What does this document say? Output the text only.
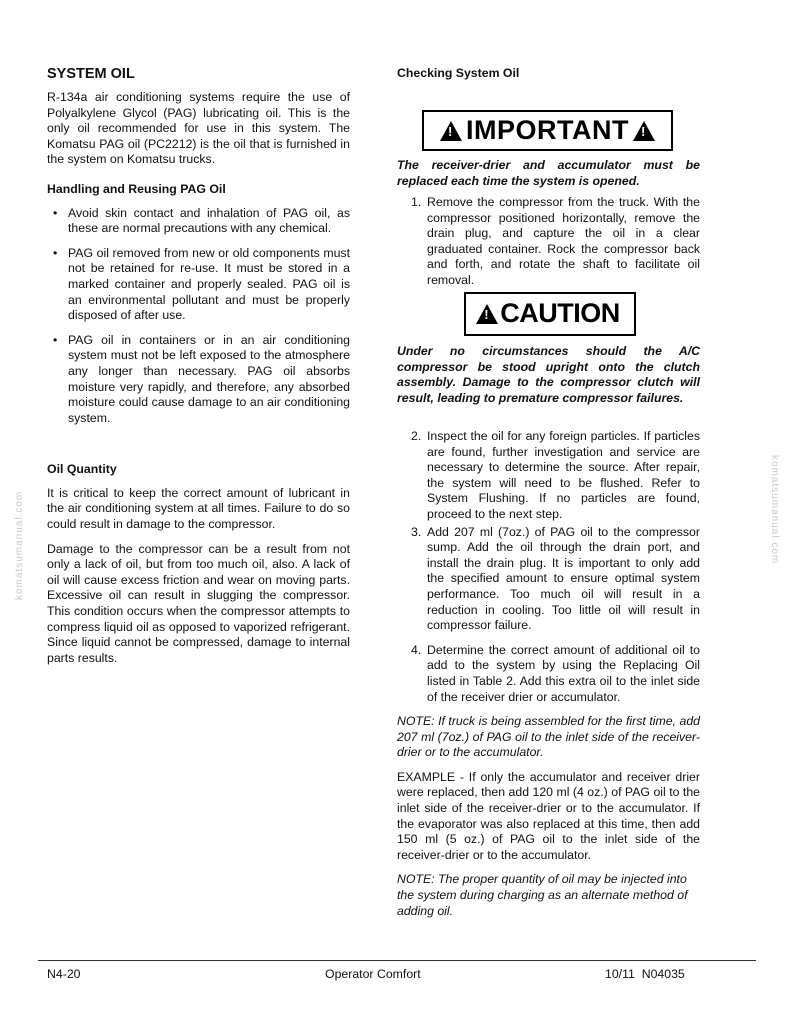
SYSTEM OIL

R-134a air conditioning systems require the use of Polyalkylene Glycol (PAG) lubricating oil. This is the only oil recommended for use in this system. The Komatsu PAG oil (PC2212) is the oil that is furnished in the system on Komatsu trucks.

Handling and Reusing PAG Oil
• Avoid skin contact and inhalation of PAG oil, as these are normal precautions with any chemical.
• PAG oil removed from new or old components must not be retained for re-use. It must be stored in a marked container and properly sealed. PAG oil is an environmental pollutant and must be properly disposed of after use.
• PAG oil in containers or in an air conditioning system must not be left exposed to the atmosphere any longer than necessary. PAG oil absorbs moisture very rapidly, and therefore, any absorbed moisture could cause damage to an air conditioning system.
Oil Quantity

It is critical to keep the correct amount of lubricant in the air conditioning system at all times. Failure to do so could result in damage to the compressor.

Damage to the compressor can be a result from not only a lack of oil, but from too much oil, also. A lack of oil will cause excess friction and wear on moving parts. Excessive oil can result in slugging the compressor. This condition occurs when the compressor attempts to compress liquid oil as opposed to vaporized refrigerant. Since liquid cannot be compressed, damage to internal parts results.

Checking System Oil
!
IMPORTANT
!

The receiver-drier and accumulator must be replaced each time the system is opened.

1. Remove the compressor from the truck. With the compressor positioned horizontally, remove the drain plug, and capture the oil in a clear graduated container. Rock the compressor back and forth, and rotate the shaft to facilitate oil removal.
!
CAUTION

Under no circumstances should the A/C compressor be stood upright onto the clutch assembly. Damage to the compressor clutch will result, leading to premature compressor failures.

2. Inspect the oil for any foreign particles. If particles are found, further investigation and service are necessary to determine the source. After repair, the system will need to be flushed. Refer to System Flushing. If no particles are found, proceed to the next step.
3. Add 207 ml (7oz.) of PAG oil to the compressor sump. Add the oil through the drain port, and install the drain plug. It is important to only add the specified amount to ensure optimal system performance. Too much oil will result in a reduction in cooling. Too little oil will result in compressor failure.
4. Determine the correct amount of additional oil to add to the system by using the Replacing Oil listed in Table 2. Add this extra oil to the inlet side of the receiver drier or accumulator.

NOTE: If truck is being assembled for the first time, add 207 ml (7oz.) of PAG oil to the inlet side of the receiver-drier or to the accumulator.

EXAMPLE - If only the accumulator and receiver drier were replaced, then add 120 ml (4 oz.) of PAG oil to the inlet side of the receiver-drier or to the accumulator. If the evaporator was also replaced at this time, then add 150 ml (5 oz.) of PAG oil to the inlet side of the receiver-drier or to the accumulator.

NOTE: The proper quantity of oil may be injected into the system during charging as an alternate method of adding oil.

komatsumanual.com	komatsumanual.com
N4-20	Operator Comfort	10/11  N04035
